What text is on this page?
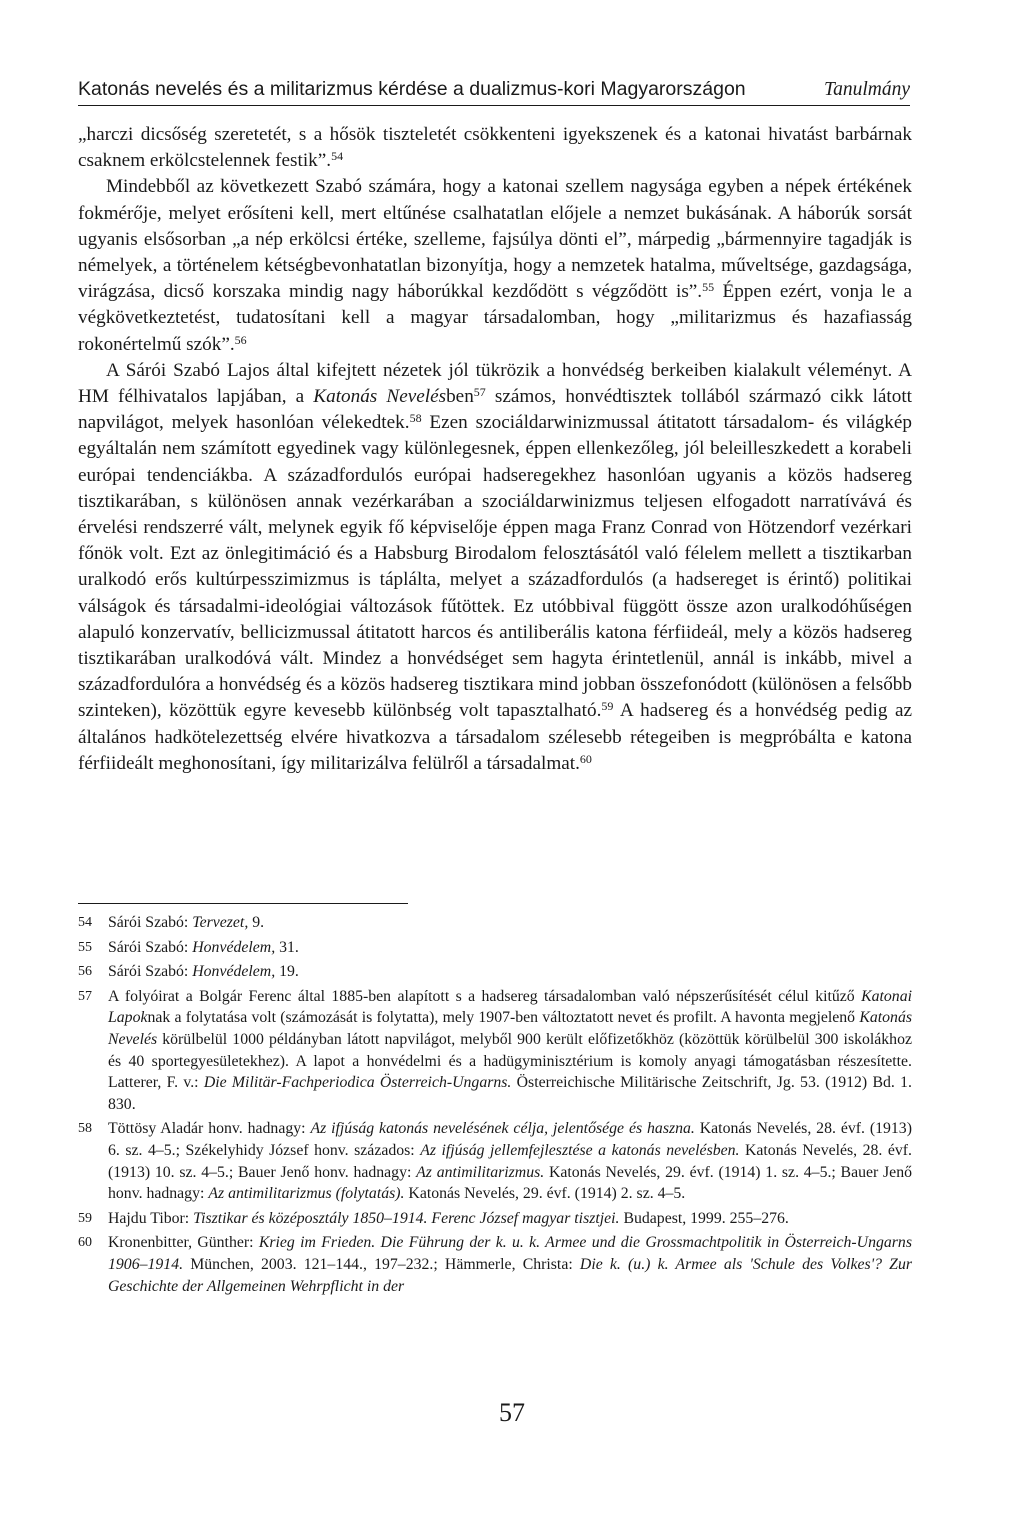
Katonás nevelés és a militarizmus kérdése a dualizmus-kori Magyarországon	Tanulmány

„harczi dicsőség szeretetét, s a hősök tiszteletét csökkenteni igyekszenek és a katonai hivatást barbárnak csaknem erkölcstelennek festik”.$^{54}$

Mindebből az következett Szabó számára, hogy a katonai szellem nagysága egyben a népek értékének fokmérője, melyet erősíteni kell, mert eltűnése csalhatatlan előjele a nemzet bukásának. A háborúk sorsát ugyanis elsősorban „a nép erkölcsi értéke, szelleme, fajsúlya dönti el”, márpedig „bármennyire tagadják is némelyek, a történelem kétségbevonhatatlan bizonyítja, hogy a nemzetek hatalma, műveltsége, gazdagsága, virágzása, dicső korszaka mindig nagy háborúkkal kezdődött s végződött is”.$^{55}$ Éppen ezért, vonja le a végkövetkeztetést, tudatosítani kell a magyar társadalomban, hogy „militarizmus és hazafiasság rokonértelmű szók”.$^{56}$

A Sárói Szabó Lajos által kifejtett nézetek jól tükrözik a honvédség berkeiben kialakult véleményt. A HM félhivatalos lapjában, a Katonás Nevelésben$^{57}$ számos, honvédtisztek tollából származó cikk látott napvilágot, melyek hasonlóan vélekedtek.$^{58}$ Ezen szociáldarwinizmussal átitatott társadalom- és világkép egyáltalán nem számított egyedinek vagy különlegesnek, éppen ellenkezőleg, jól beleilleszkedett a korabeli európai tendenciákba. A századfordulós európai hadseregekhez hasonlóan ugyanis a közös hadsereg tisztikarában, s különösen annak vezérkarában a szociáldarwinizmus teljesen elfogadott narratívává és érvelési rendszerré vált, melynek egyik fő képviselője éppen maga Franz Conrad von Hötzendorf vezérkari főnök volt. Ezt az önlegitimáció és a Habsburg Birodalom felosztásától való félelem mellett a tisztikarban uralkodó erős kultúrpesszimizmus is táplálta, melyet a századfordulós (a hadsereget is érintő) politikai válságok és társadalmi-ideológiai változások fűtöttek. Ez utóbbival függött össze azon uralkodóhűségen alapuló konzervatív, bellicizmussal átitatott harcos és antiliberális katona férfiideál, mely a közös hadsereg tisztikarában uralkodóvá vált. Mindez a honvédséget sem hagyta érintetlenül, annál is inkább, mivel a századfordulóra a honvédség és a közös hadsereg tisztikara mind jobban összefonódott (különösen a felsőbb szinteken), közöttük egyre kevesebb különbség volt tapasztalható.$^{59}$ A hadsereg és a honvédség pedig az általános hadkötelezettség elvére hivatkozva a társadalom szélesebb rétegeiben is megpróbálta e katona férfiideált meghonosítani, így militarizálva felülről a társadalmat.$^{60}$

54	Sárói Szabó: Tervezet, 9.
55	Sárói Szabó: Honvédelem, 31.
56	Sárói Szabó: Honvédelem, 19.
57	A folyóirat a Bolgár Ferenc által 1885-ben alapított s a hadsereg társadalomban való népszerűsítését célul kitűző Katonai Lapoknak a folytatása volt (számozását is folytatta), mely 1907-ben változtatott nevet és profilt. A havonta megjelenő Katonás Nevelés körülbelül 1000 példányban látott napvilágot, melyből 900 került előfizetőkhöz (közöttük körülbelül 300 iskolákhoz és 40 sportegyesületekhez). A lapot a honvédelmi és a hadügyminisztérium is komoly anyagi támogatásban részesítette. Latterer, F. v.: Die Militär-Fachperiodica Österreich-Ungarns. Österreichische Militärische Zeitschrift, Jg. 53. (1912) Bd. 1. 830.
58	Töttösy Aladár honv. hadnagy: Az ifjúság katonás nevelésének célja, jelentősége és haszna. Katonás Nevelés, 28. évf. (1913) 6. sz. 4–5.; Székelyhidy József honv. százados: Az ifjúság jellemfejlesztése a katonás nevelésben. Katonás Nevelés, 28. évf. (1913) 10. sz. 4–5.; Bauer Jenő honv. hadnagy: Az antimilitarizmus. Katonás Nevelés, 29. évf. (1914) 1. sz. 4–5.; Bauer Jenő honv. hadnagy: Az antimilitarizmus (folytatás). Katonás Nevelés, 29. évf. (1914) 2. sz. 4–5.
59	Hajdu Tibor: Tisztikar és középosztály 1850–1914. Ferenc József magyar tisztjei. Budapest, 1999. 255–276.
60	Kronenbitter, Günther: Krieg im Frieden. Die Führung der k. u. k. Armee und die Grossmachtpolitik in Österreich-Ungarns 1906–1914. München, 2003. 121–144., 197–232.; Hämmerle, Christa: Die k. (u.) k. Armee als 'Schule des Volkes'? Zur Geschichte der Allgemeinen Wehrpflicht in der
57
